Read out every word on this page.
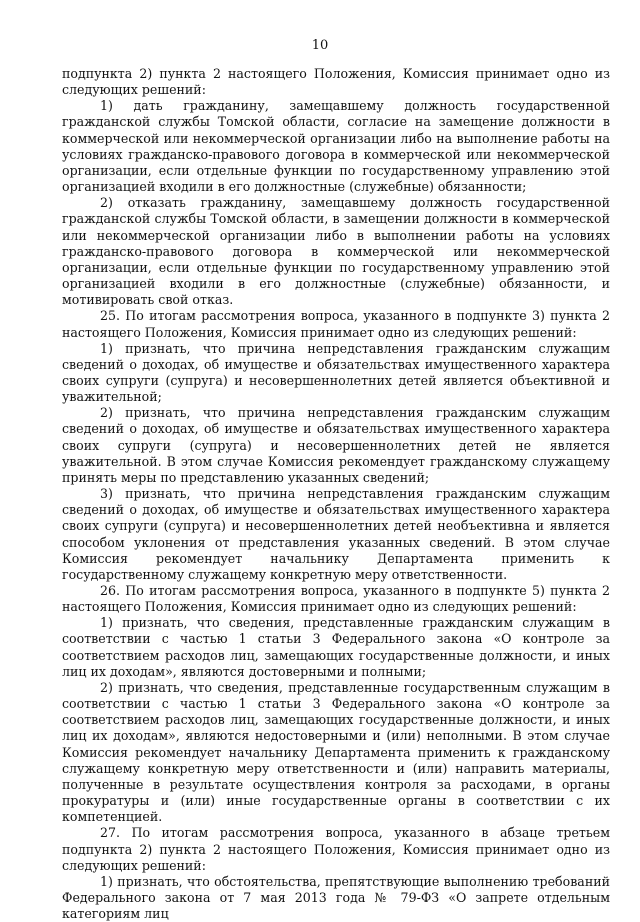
10

подпункта 2) пункта 2 настоящего Положения, Комиссия принимает одно из следующих решений:

1) дать гражданину, замещавшему должность государственной гражданской службы Томской области, согласие на замещение должности в коммерческой или некоммерческой организации либо на выполнение работы на условиях гражданско-правового договора в коммерческой или некоммерческой организации, если отдельные функции по государственному управлению этой организацией входили в его должностные (служебные) обязанности;

2) отказать гражданину, замещавшему должность государственной гражданской службы Томской области, в замещении должности в коммерческой или некоммерческой организации либо в выполнении работы на условиях гражданско-правового договора в коммерческой или некоммерческой организации, если отдельные функции по государственному управлению этой организацией входили в его должностные (служебные) обязанности, и мотивировать свой отказ.

25. По итогам рассмотрения вопроса, указанного в подпункте 3) пункта 2 настоящего Положения, Комиссия принимает одно из следующих решений:

1) признать, что причина непредставления гражданским служащим сведений о доходах, об имуществе и обязательствах имущественного характера своих супруги (супруга) и несовершеннолетних детей является объективной и уважительной;

2) признать, что причина непредставления гражданским служащим сведений о доходах, об имуществе и обязательствах имущественного характера своих супруги (супруга) и несовершеннолетних детей не является уважительной. В этом случае Комиссия рекомендует гражданскому служащему принять меры по представлению указанных сведений;

3) признать, что причина непредставления гражданским служащим сведений о доходах, об имуществе и обязательствах имущественного характера своих супруги (супруга) и несовершеннолетних детей необъективна и является способом уклонения от представления указанных сведений. В этом случае Комиссия рекомендует начальнику Департамента применить к государственному служащему конкретную меру ответственности.

26. По итогам рассмотрения вопроса, указанного в подпункте 5) пункта 2 настоящего Положения, Комиссия принимает одно из следующих решений:

1) признать, что сведения, представленные гражданским служащим в соответствии с частью 1 статьи 3 Федерального закона «О контроле за соответствием расходов лиц, замещающих государственные должности, и иных лиц их доходам», являются достоверными и полными;

2) признать, что сведения, представленные государственным служащим в соответствии с частью 1 статьи 3 Федерального закона «О контроле за соответствием расходов лиц, замещающих государственные должности, и иных лиц их доходам», являются недостоверными и (или) неполными. В этом случае Комиссия рекомендует начальнику Департамента применить к гражданскому служащему конкретную меру ответственности и (или) направить материалы, полученные в результате осуществления контроля за расходами, в органы прокуратуры и (или) иные государственные органы в соответствии с их компетенцией.

27. По итогам рассмотрения вопроса, указанного в абзаце третьем подпункта 2) пункта 2 настоящего Положения, Комиссия принимает одно из следующих решений:

1) признать, что обстоятельства, препятствующие выполнению требований Федерального закона от 7 мая 2013 года № 79-ФЗ «О запрете отдельным категориям лиц
